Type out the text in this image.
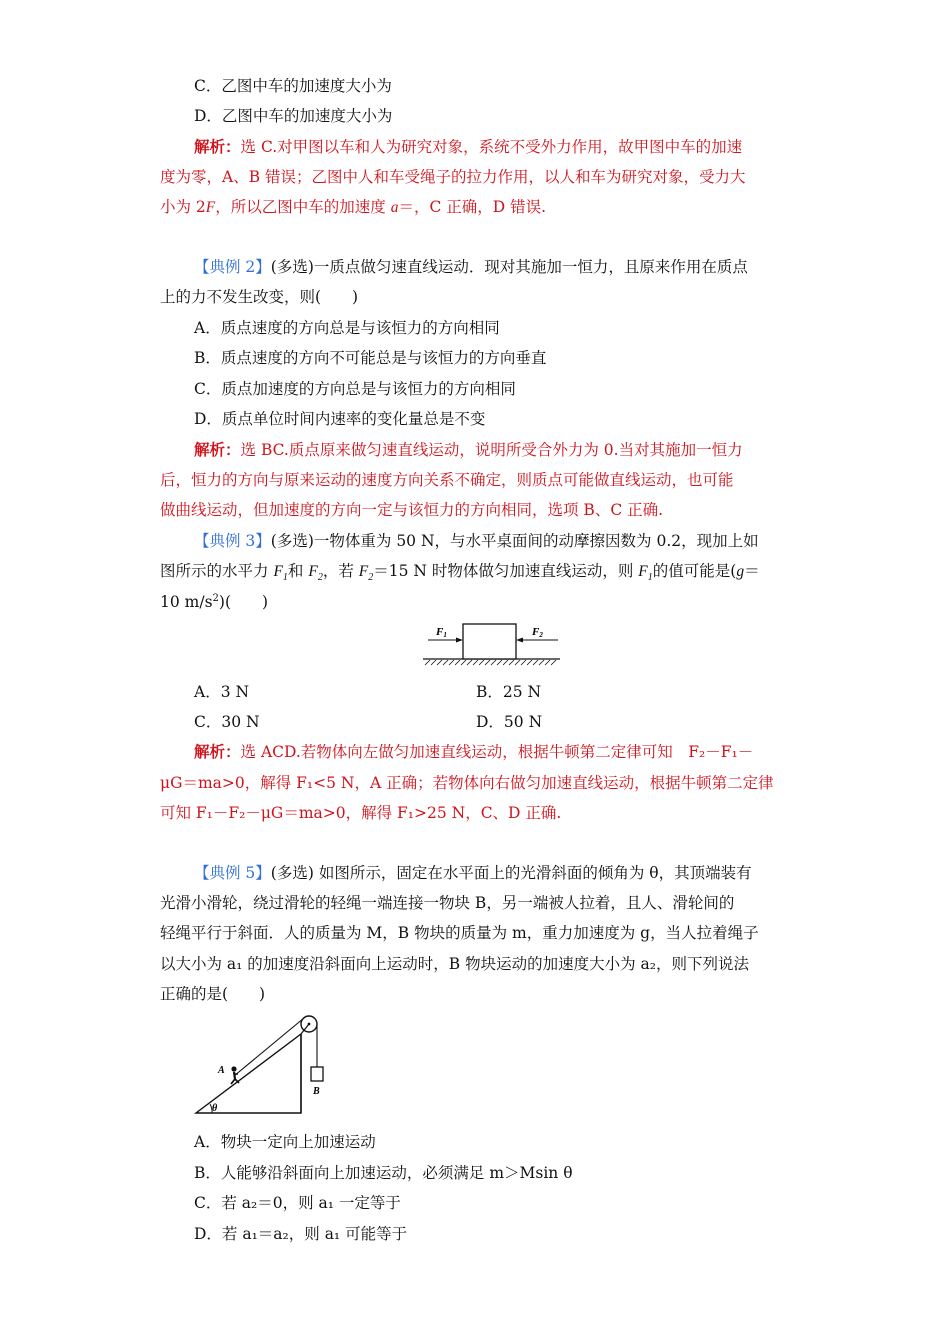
C．乙图中车的加速度大小为
D．乙图中车的加速度大小为
解析：选 C.对甲图以车和人为研究对象，系统不受外力作用，故甲图中车的加速
度为零，A、B 错误；乙图中人和车受绳子的拉力作用，以人和车为研究对象，受力大
小为 2F，所以乙图中车的加速度 a＝，C 正确，D 错误.
【典例 2】(多选)一质点做匀速直线运动．现对其施加一恒力，且原来作用在质点
上的力不发生改变，则(　　)
A．质点速度的方向总是与该恒力的方向相同
B．质点速度的方向不可能总是与该恒力的方向垂直
C．质点加速度的方向总是与该恒力的方向相同
D．质点单位时间内速率的变化量总是不变
解析：选 BC.质点原来做匀速直线运动，说明所受合外力为 0.当对其施加一恒力
后，恒力的方向与原来运动的速度方向关系不确定，则质点可能做直线运动，也可能
做曲线运动，但加速度的方向一定与该恒力的方向相同，选项 B、C 正确.
【典例 3】(多选)一物体重为 50 N，与水平桌面间的动摩擦因数为 0.2，现加上如
图所示的水平力 $F_1$和 $F_2$，若 $F_2=15$ N 时物体做匀加速直线运动，则 $F_1$的值可能是(g＝
10 $m/s^2$)(　　)
F1	F2
A．3 N	B．25 N
C．30 N	D．50 N
解析：选 ACD.若物体向左做匀加速直线运动，根据牛顿第二定律可知　F₂－F₁－
μG＝ma>0，解得 F₁<5 N，A 正确；若物体向右做匀加速直线运动，根据牛顿第二定律
可知 F₁－F₂－μG＝ma>0，解得 F₁>25 N，C、D 正确.
【典例 5】(多选) 如图所示，固定在水平面上的光滑斜面的倾角为 θ，其顶端装有
光滑小滑轮，绕过滑轮的轻绳一端连接一物块 B，另一端被人拉着，且人、滑轮间的
轻绳平行于斜面．人的质量为 M，B 物块的质量为 m，重力加速度为 g，当人拉着绳子
以大小为 a₁ 的加速度沿斜面向上运动时，B 物块运动的加速度大小为 a₂，则下列说法
正确的是(　　)
θ
A
B
A．物块一定向上加速运动
B．人能够沿斜面向上加速运动，必须满足 m＞Msin θ
C．若 a₂＝0，则 a₁ 一定等于
D．若 a₁＝a₂，则 a₁ 可能等于
